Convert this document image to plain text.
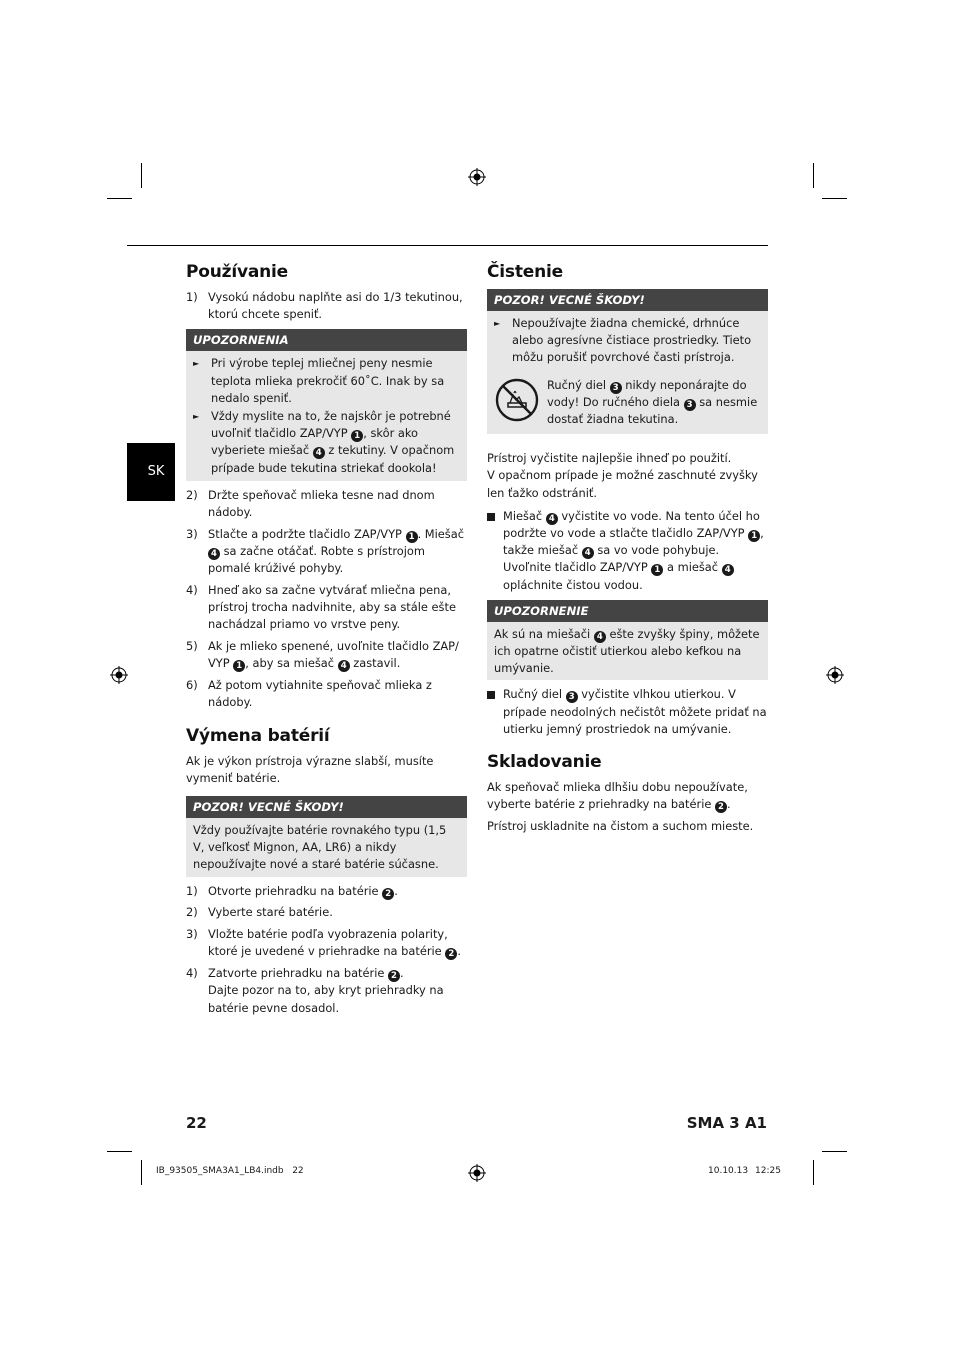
SK
Používanie
1) Vysokú nádobu naplňte asi do 1/3 tekutinou, ktorú chcete speniť.
UPOZORNENIA
► Pri výrobe teplej mliečnej peny nesmie teplota mlieka prekročiť 60˚C. Inak by sa nedalo speniť.
► Vždy myslite na to, že najskôr je potrebné uvoľniť tlačidlo ZAP/VYP 1 , skôr ako vyberiete miešač 4 z tekutiny. V opačnom prípade bude tekutina striekať dookola!
2) Držte speňovač mlieka tesne nad dnom nádoby.
3) Stlačte a podržte tlačidlo ZAP/VYP 1 . Miešač 4 sa začne otáčať. Robte s prístrojom pomalé krúživé pohyby.
4) Hneď ako sa začne vytvárať mliečna pena, prístroj trocha nadvihnite, aby sa stále ešte nachádzal priamo vo vrstve peny.
5) Ak je mlieko spenené, uvoľnite tlačidlo ZAP/ VYP 1 , aby sa miešač 4 zastavil.
6) Až potom vytiahnite speňovač mlieka z nádoby.
Výmena batérií

Ak je výkon prístroja výrazne slabší, musíte vymeniť batérie.

POZOR! VECNÉ ŠKODY!

Vždy používajte batérie rovnakého typu (1,5 V, veľkosť Mignon, AA, LR6) a nikdy nepoužívajte nové a staré batérie súčasne.

1) Otvorte priehradku na batérie 2 .
2) Vyberte staré batérie.
3) Vložte batérie podľa vyobrazenia polarity, ktoré je uvedené v priehradke na batérie 2 .
4) Zatvorte priehradku na batérie 2 .
Dajte pozor na to, aby kryt priehradky na batérie pevne dosadol.
Čistenie
POZOR! VECNÉ ŠKODY!
► Nepoužívajte žiadna chemické, drhnúce alebo agresívne čistiace prostriedky. Tieto môžu porušiť povrchové časti prístroja.

Ručný diel 3 nikdy neponárajte do vody! Do ručného diela 3 sa nesmie dostať žiadna tekutina.

Prístroj vyčistite najlepšie ihneď po použití.

V opačnom prípade je možné zaschnuté zvyšky len ťažko odstrániť.

Miešač 4 vyčistite vo vode. Na tento účel ho podržte vo vode a stlačte tlačidlo ZAP/VYP 1 , takže miešač 4 sa vo vode pohybuje. Uvoľnite tlačidlo ZAP/VYP 1 a miešač 4 opláchnite čistou vodou.
UPOZORNENIE

Ak sú na miešači 4 ešte zvyšky špiny, môžete ich opatrne očistiť utierkou alebo kefkou na umývanie.

Ručný diel 3 vyčistite vlhkou utierkou. V prípade neodolných nečistôt môžete pridať na utierku jemný prostriedok na umývanie.
Skladovanie

Ak speňovač mlieka dlhšiu dobu nepoužívate, vyberte batérie z priehradky na batérie 2 .

Prístroj uskladnite na čistom a suchom mieste.

22	SMA 3 A1
IB_93505_SMA3A1_LB4.indb   22	10.10.13 12:25
